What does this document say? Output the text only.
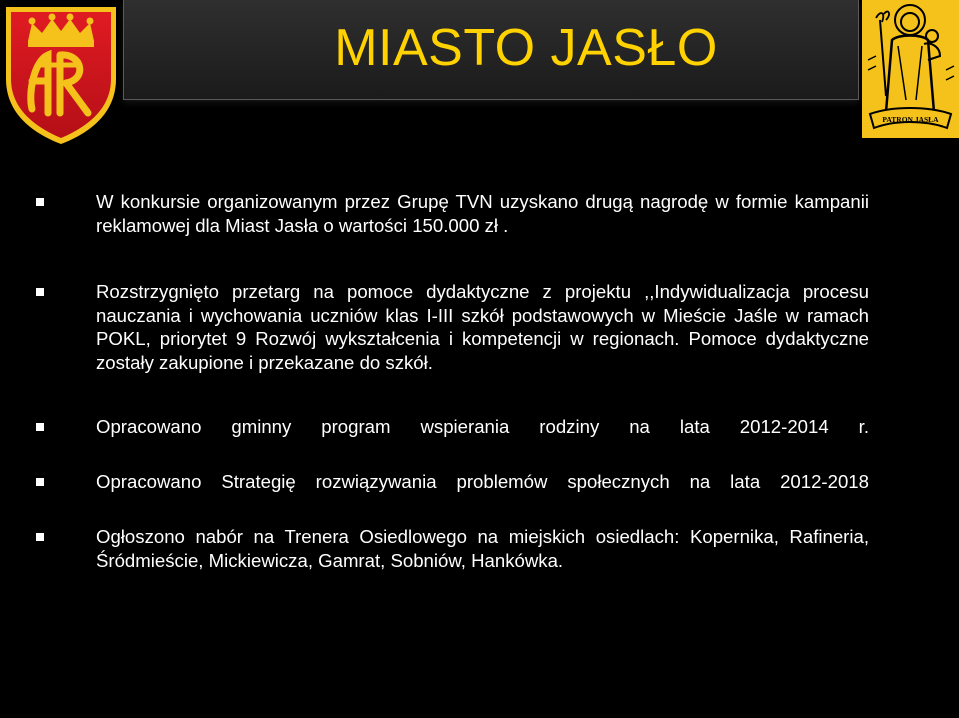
MIASTO JASŁO
PATRON JASŁA
W konkursie organizowanym przez Grupę TVN uzyskano drugą nagrodę w formie kampanii reklamowej dla Miast Jasła o wartości 150.000 zł .
Rozstrzygnięto przetarg na pomoce dydaktyczne z projektu ,,Indywidualizacja procesu nauczania i wychowania uczniów klas I-III szkół podstawowych w Mieście Jaśle w ramach POKL, priorytet 9 Rozwój wykształcenia i kompetencji w regionach. Pomoce dydaktyczne zostały zakupione i przekazane do szkół.
Opracowano gminny program wspierania rodziny na lata 2012-2014 r.
Opracowano Strategię rozwiązywania problemów społecznych na lata 2012-2018
Ogłoszono nabór na Trenera Osiedlowego na miejskich osiedlach: Kopernika, Rafineria, Śródmieście, Mickiewicza, Gamrat, Sobniów, Hankówka.
